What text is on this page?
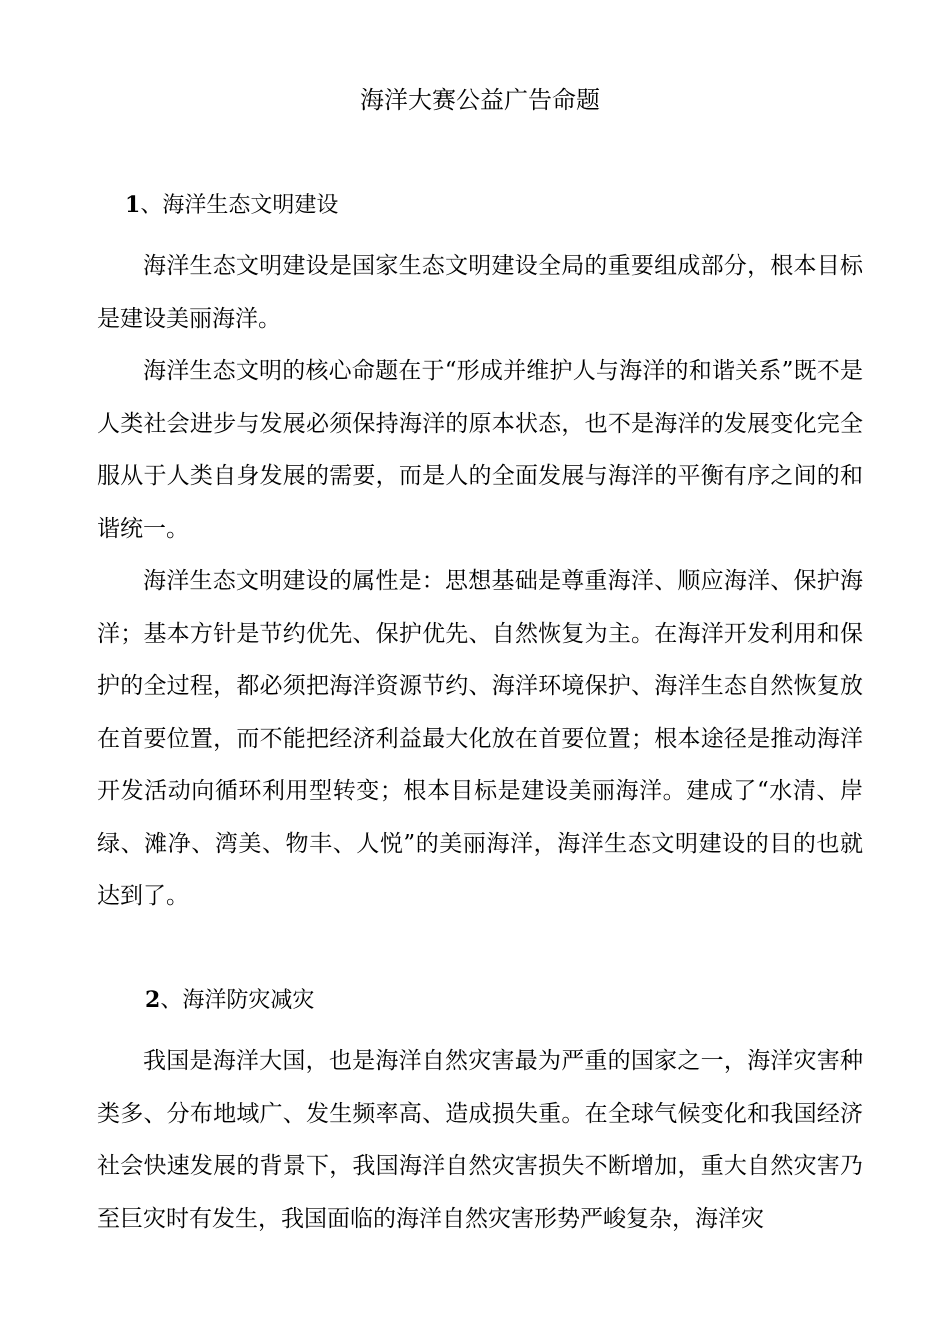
海洋大赛公益广告命题
1、海洋生态文明建设

海洋生态文明建设是国家生态文明建设全局的重要组成部分，根本目标是建设美丽海洋。

海洋生态文明的核心命题在于“形成并维护人与海洋的和谐关系”既不是人类社会进步与发展必须保持海洋的原本状态，也不是海洋的发展变化完全服从于人类自身发展的需要，而是人的全面发展与海洋的平衡有序之间的和谐统一。

海洋生态文明建设的属性是：思想基础是尊重海洋、顺应海洋、保护海洋；基本方针是节约优先、保护优先、自然恢复为主。在海洋开发利用和保护的全过程，都必须把海洋资源节约、海洋环境保护、海洋生态自然恢复放在首要位置，而不能把经济利益最大化放在首要位置；根本途径是推动海洋开发活动向循环利用型转变；根本目标是建设美丽海洋。建成了“水清、岸绿、滩净、湾美、物丰、人悦”的美丽海洋，海洋生态文明建设的目的也就达到了。

2、海洋防灾减灾

我国是海洋大国，也是海洋自然灾害最为严重的国家之一，海洋灾害种类多、分布地域广、发生频率高、造成损失重。在全球气候变化和我国经济社会快速发展的背景下，我国海洋自然灾害损失不断增加，重大自然灾害乃至巨灾时有发生，我国面临的海洋自然灾害形势严峻复杂，海洋灾
